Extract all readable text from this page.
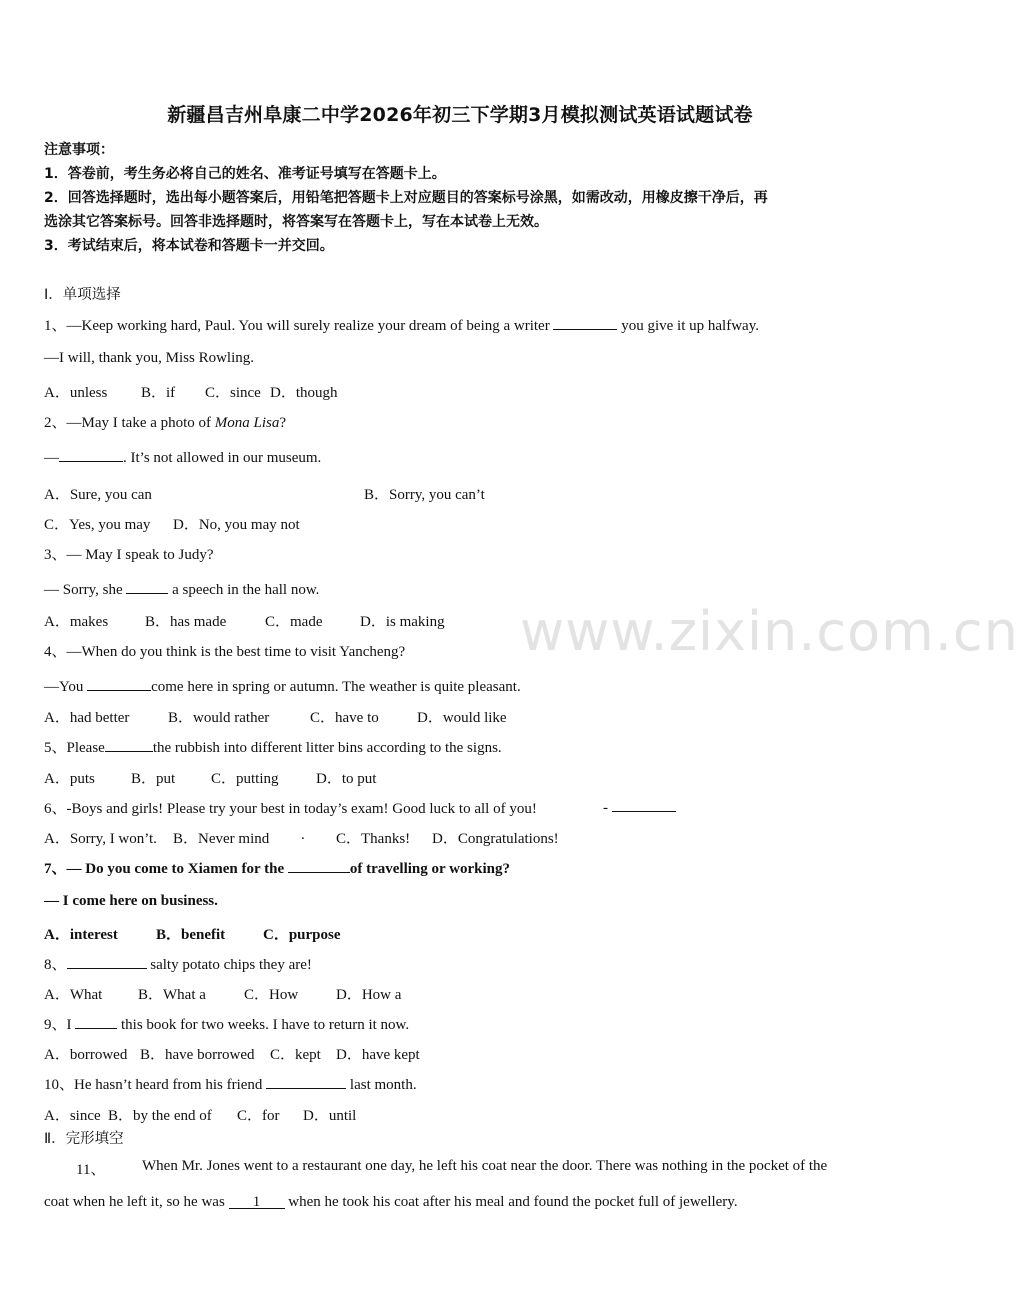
www.zixin.com.cn
新疆昌吉州阜康二中学2026年初三下学期3月模拟测试英语试题试卷
注意事项：
1．答卷前，考生务必将自己的姓名、准考证号填写在答题卡上。
2．回答选择题时，选出每小题答案后，用铅笔把答题卡上对应题目的答案标号涂黑，如需改动，用橡皮擦干净后，再
选涂其它答案标号。回答非选择题时，将答案写在答题卡上，写在本试卷上无效。
3．考试结束后，将本试卷和答题卡一并交回。
Ⅰ．单项选择
1、—Keep working hard, Paul. You will surely realize your dream of being a writer	you give it up halfway.
—I will, thank you, Miss Rowling.
A．unless B．if C．since D．though
2、—May I take a photo of Mona Lisa?
—	. It’s not allowed in our museum.
A．Sure, you can	B．Sorry, you can’t
C．Yes, you may D．No, you may not
3、— May I speak to Judy?
— Sorry, she	a speech in the hall now.
A．makes B．has made	C．made	D．is making
4、—When do you think is the best time to visit Yancheng?
—You	come here in spring or autumn. The weather is quite pleasant.
A．had better	B．would rather	C．have to	D．would like
5、Please	the rubbish into different litter bins according to the signs.
A．puts B．put C．putting D．to put
6、-Boys and girls! Please try your best in today’s exam! Good luck to all of you!	-
A．Sorry, I won’t. B．Never mind . C．Thanks! D．Congratulations!
7、— Do you come to Xiamen for the	of travelling or working?
— I come here on business.
A．interest	B．benefit	C．purpose
8、	salty potato chips they are!
A．What B．What a	C．How	D．How a
9、I	this book for two weeks. I have to return it now.
A．borrowed B．have borrowed C．kept D．have kept
10、He hasn’t heard from his friend	last month.
A．since B．by the end of C．for D．until
Ⅱ．完形填空
11、 When Mr. Jones went to a restaurant one day, he left his coat near the door. There was nothing in the pocket of the
coat when he left it, so he was 1 when he took his coat after his meal and found the pocket full of jewellery.
